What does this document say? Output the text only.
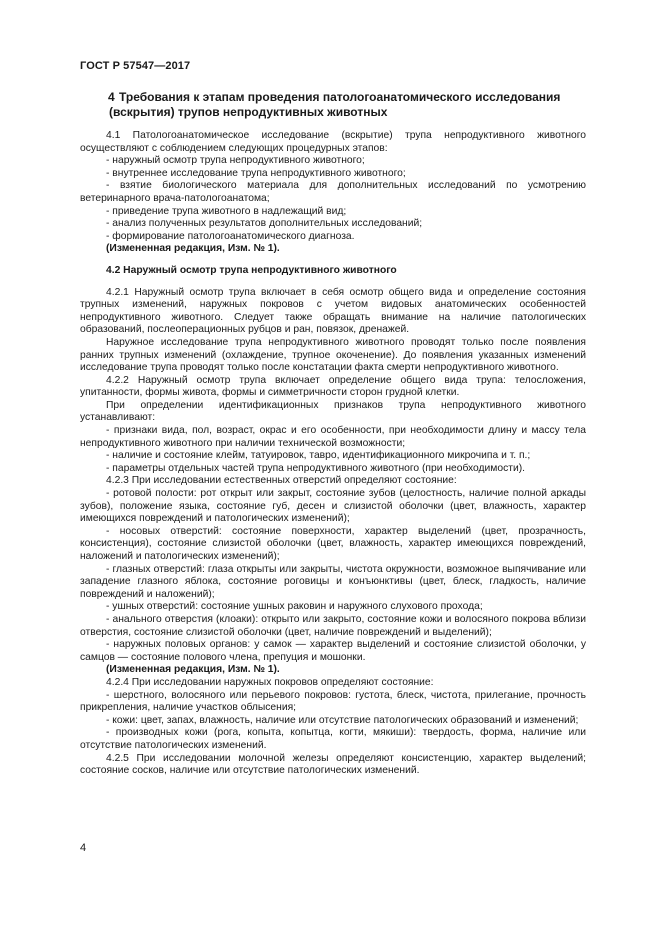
ГОСТ Р 57547—2017
4 Требования к этапам проведения патологоанатомического исследования
(вскрытия) трупов непродуктивных животных

4.1 Патологоанатомическое исследование (вскрытие) трупа непродуктивного животного осуществляют с соблюдением следующих процедурных этапов:

- наружный осмотр трупа непродуктивного животного;

- внутреннее исследование трупа непродуктивного животного;

- взятие биологического материала для дополнительных исследований по усмотрению ветеринарного врача-патологоанатома;

- приведение трупа животного в надлежащий вид;

- анализ полученных результатов дополнительных исследований;

- формирование патологоанатомического диагноза.

(Измененная редакция, Изм. № 1).

4.2 Наружный осмотр трупа непродуктивного животного

4.2.1 Наружный осмотр трупа включает в себя осмотр общего вида и определение состояния трупных изменений, наружных покровов с учетом видовых анатомических особенностей непродуктивного животного. Следует также обращать внимание на наличие патологических образований, послеоперационных рубцов и ран, повязок, дренажей.

Наружное исследование трупа непродуктивного животного проводят только после появления ранних трупных изменений (охлаждение, трупное окоченение). До появления указанных изменений исследование трупа проводят только после констатации факта смерти непродуктивного животного.

4.2.2 Наружный осмотр трупа включает определение общего вида трупа: телосложения, упитанности, формы живота, формы и симметричности сторон грудной клетки.

При определении идентификационных признаков трупа непродуктивного животного устанавливают:

- признаки вида, пол, возраст, окрас и его особенности, при необходимости длину и массу тела непродуктивного животного при наличии технической возможности;

- наличие и состояние клейм, татуировок, тавро, идентификационного микрочипа и т. п.;

- параметры отдельных частей трупа непродуктивного животного (при необходимости).

4.2.3 При исследовании естественных отверстий определяют состояние:

- ротовой полости: рот открыт или закрыт, состояние зубов (целостность, наличие полной аркады зубов), положение языка, состояние губ, десен и слизистой оболочки (цвет, влажность, характер имеющихся повреждений и патологических изменений);

- носовых отверстий: состояние поверхности, характер выделений (цвет, прозрачность, консистенция), состояние слизистой оболочки (цвет, влажность, характер имеющихся повреждений, наложений и патологических изменений);

- глазных отверстий: глаза открыты или закрыты, чистота окружности, возможное выпячивание или западение глазного яблока, состояние роговицы и конъюнктивы (цвет, блеск, гладкость, наличие повреждений и наложений);

- ушных отверстий: состояние ушных раковин и наружного слухового прохода;

- анального отверстия (клоаки): открыто или закрыто, состояние кожи и волосяного покрова вблизи отверстия, состояние слизистой оболочки (цвет, наличие повреждений и выделений);

- наружных половых органов: у самок — характер выделений и состояние слизистой оболочки, у самцов — состояние полового члена, препуция и мошонки.

(Измененная редакция, Изм. № 1).

4.2.4 При исследовании наружных покровов определяют состояние:

- шерстного, волосяного или перьевого покровов: густота, блеск, чистота, прилегание, прочность прикрепления, наличие участков облысения;

- кожи: цвет, запах, влажность, наличие или отсутствие патологических образований и изменений;

- производных кожи (рога, копыта, копытца, когти, мякиши): твердость, форма, наличие или отсутствие патологических изменений.

4.2.5 При исследовании молочной железы определяют консистенцию, характер выделений; состояние сосков, наличие или отсутствие патологических изменений.

4
